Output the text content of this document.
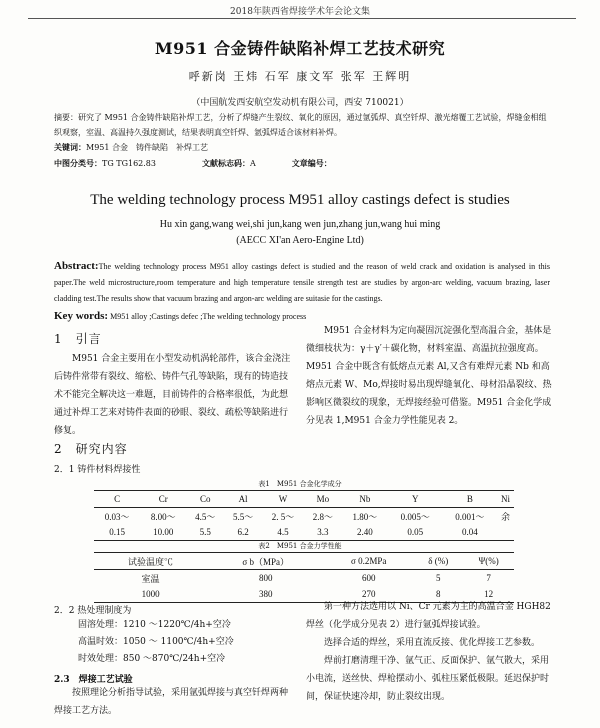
2018年陕西省焊接学术年会论文集
M951 合金铸件缺陷补焊工艺技术研究
呼新岗 王炜 石军 康文军 张军 王辉明
（中国航发西安航空发动机有限公司，西安 710021）
摘要：研究了 M951 合金铸件缺陷补焊工艺，分析了焊缝产生裂纹、氧化的原因，通过氩弧焊、真空钎焊、激光熔覆工艺试验，焊缝金相组织观察，室温、高温持久强度测试，结果表明真空钎焊、氩弧焊适合该材料补焊。
关键词：M951 合金　铸件缺陷　补焊工艺
中图分类号：TG TG162.83	文献标志码：A	文章编号：
The welding technology process M951 alloy castings defect is studies
Hu xin gang,wang wei,shi jun,kang wen jun,zhang jun,wang hui ming
(AECC XI'an Aero-Engine Ltd)
Abstract:The welding technology process M951 alloy castings defect is studied and the reason of weld crack and oxidation is analysed in this paper.The weld microstructure,room temperature and high temperature tensile strength test are studies by argon-arc welding, vacuum brazing, laser cladding test.The results show that vacuum brazing and argon-arc welding are suitasie for the castings.
Key words: M951 alloy ;Castings defec ;The welding technology process
1　引言

M951 合金主要用在小型发动机涡轮部件，该合金浇注后铸件常带有裂纹、缩松、铸件气孔等缺陷，现有的铸造技术不能完全解决这一难题，目前铸件的合格率很低，为此想通过补焊工艺来对铸件表面的砂眼、裂纹、疏松等缺陷进行修复。

M951 合金材料为定向凝固沉淀强化型高温合金，基体是微细枝状为：γ＋γ′＋碳化物，材料室温、高温抗拉强度高。M951 合金中既含有低熔点元素 Al,又含有难焊元素 Nb 和高熔点元素 W、Mo,焊接时易出现焊缝氧化、母材沿晶裂纹、热影响区微裂纹的现象，无焊接经验可借鉴。M951 合金化学成分见表 1,M951 合金力学性能见表 2。

2　研究内容
2．1 铸件材料焊接性
表1　M951 合金化学成分
C	Cr	Co	Al	W	Mo	Nb	Y	B	Ni
0.03～	8.00～	4.5～	5.5～	2. 5～	2.8～	1.80～	0.005～	0.001～	余
0.15	10.00	5.5	6.2	4.5	3.3	2.40	0.05	0.04	
表2　M951 合金力学性能
试验温度℃	σ b（MPa）	σ 0.2MPa	δ (%)	Ψ(%)
室温	800	600	5	7
1000	380	270	8	12
2．2 热处理制度为
固溶处理：1210 ～1220℃/4h+空冷
高温时效：1050 ～ 1100℃/4h+空冷
时效处理：850 ～870℃/24h+空冷
2.3　焊接工艺试验

按照理论分析指导试验，采用氩弧焊接与真空钎焊两种焊接工艺方法。

第一种方法选用以 Ni、Cr 元素为主的高温合金 HGH82 焊丝（化学成分见表 2）进行氩弧焊接试验。

选择合适的焊丝，采用直流反接、优化焊接工艺参数。

焊前打磨清理干净、氩气正、反面保护、氩气散大，采用小电流，送丝快、焊枪摆动小、弧柱压紧低极限。延迟保护时间，保证快速冷却，防止裂纹出现。
